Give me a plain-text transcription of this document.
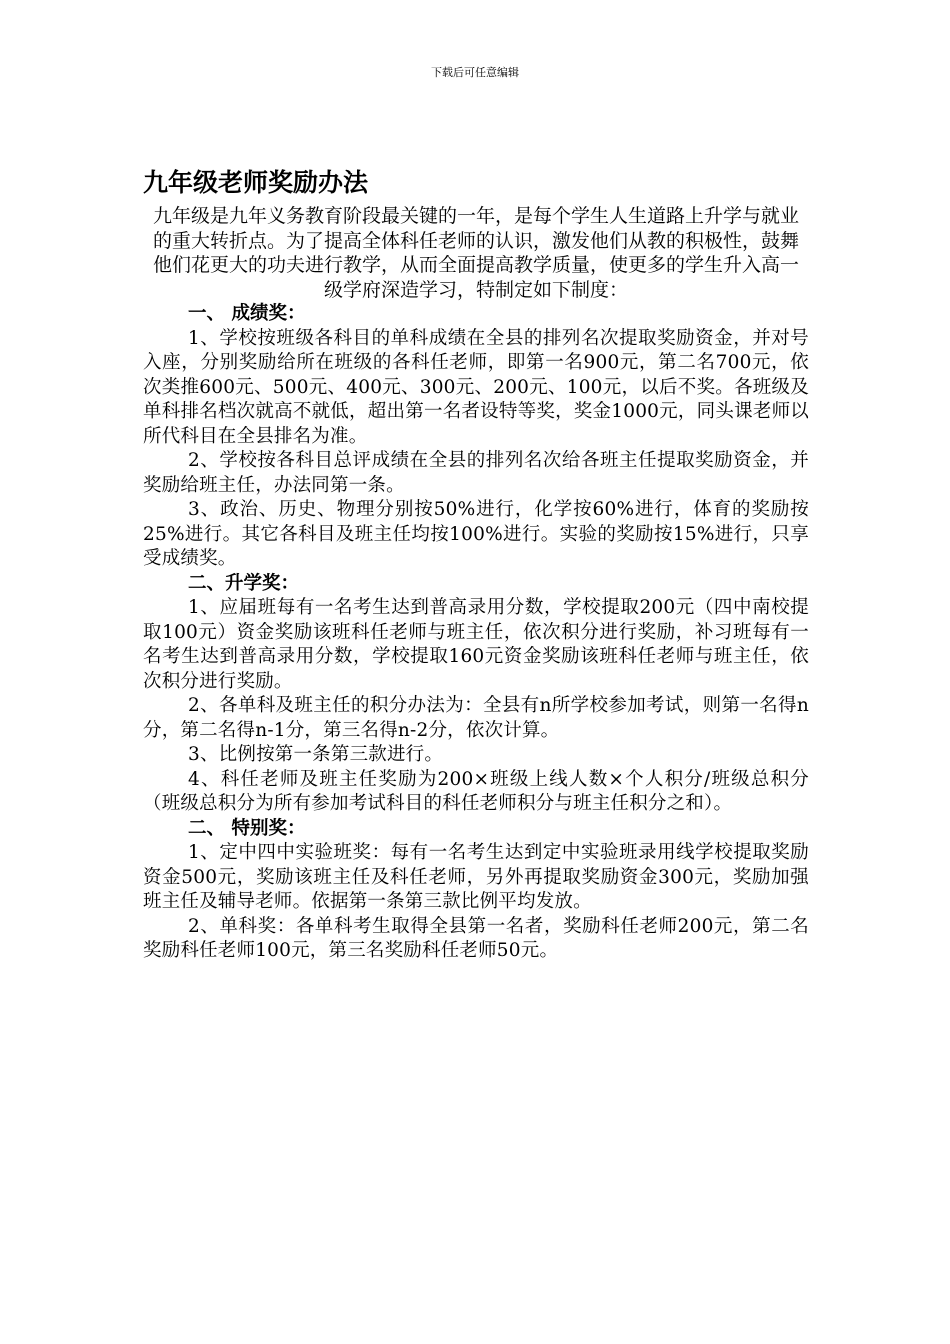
下载后可任意编辑
九年级老师奖励办法

九年级是九年义务教育阶段最关键的一年，是每个学生人生道路上升学与就业的重大转折点。为了提高全体科任老师的认识，激发他们从教的积极性，鼓舞他们花更大的功夫进行教学，从而全面提高教学质量，使更多的学生升入高一级学府深造学习，特制定如下制度：

一、 成绩奖：

1、学校按班级各科目的单科成绩在全县的排列名次提取奖励资金，并对号入座，分别奖励给所在班级的各科任老师，即第一名900元，第二名700元，依次类推600元、500元、400元、300元、200元、100元，以后不奖。各班级及单科排名档次就高不就低，超出第一名者设特等奖，奖金1000元，同头课老师以所代科目在全县排名为准。

2、学校按各科目总评成绩在全县的排列名次给各班主任提取奖励资金，并奖励给班主任，办法同第一条。

3、政治、历史、物理分别按50%进行，化学按60%进行，体育的奖励按25%进行。其它各科目及班主任均按100%进行。实验的奖励按15%进行，只享受成绩奖。

二、升学奖：

1、应届班每有一名考生达到普高录用分数，学校提取200元（四中南校提取100元）资金奖励该班科任老师与班主任，依次积分进行奖励，补习班每有一名考生达到普高录用分数，学校提取160元资金奖励该班科任老师与班主任，依次积分进行奖励。

2、各单科及班主任的积分办法为：全县有n所学校参加考试，则第一名得n分，第二名得n-1分，第三名得n-2分，依次计算。

3、比例按第一条第三款进行。

4、科任老师及班主任奖励为200×班级上线人数×个人积分/班级总积分（班级总积分为所有参加考试科目的科任老师积分与班主任积分之和）。

二、 特别奖：

1、定中四中实验班奖：每有一名考生达到定中实验班录用线学校提取奖励资金500元，奖励该班主任及科任老师，另外再提取奖励资金300元，奖励加强班主任及辅导老师。依据第一条第三款比例平均发放。

2、单科奖：各单科考生取得全县第一名者，奖励科任老师200元，第二名奖励科任老师100元，第三名奖励科任老师50元。
